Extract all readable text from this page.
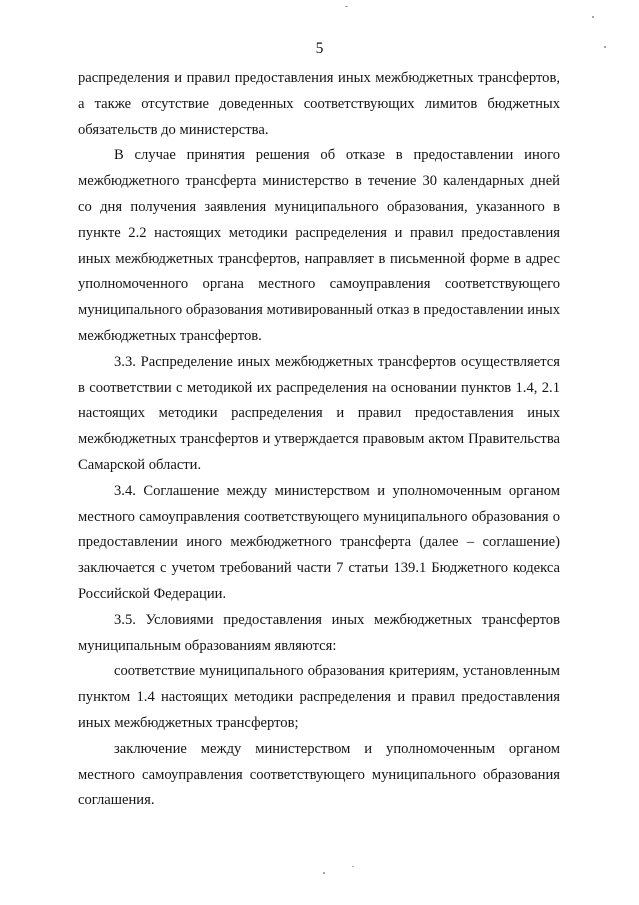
5

распределения и правил предоставления иных межбюджетных трансфертов, а также отсутствие доведенных соответствующих лимитов бюджетных обязательств до министерства.

В случае принятия решения об отказе в предоставлении иного межбюджетного трансферта министерство в течение 30 календарных дней со дня получения заявления муниципального образования, указанного в пункте 2.2 настоящих методики распределения и правил предоставления иных межбюджетных трансфертов, направляет в письменной форме в адрес уполномоченного органа местного самоуправления соответствующего муниципального образования мотивированный отказ в предоставлении иных межбюджетных трансфертов.

3.3. Распределение иных межбюджетных трансфертов осуществляется в соответствии с методикой их распределения на основании пунктов 1.4, 2.1 настоящих методики распределения и правил предоставления иных межбюджетных трансфертов и утверждается правовым актом Правительства Самарской области.

3.4. Соглашение между министерством и уполномоченным органом местного самоуправления соответствующего муниципального образования о предоставлении иного межбюджетного трансферта (далее – соглашение) заключается с учетом требований части 7 статьи 139.1 Бюджетного кодекса Российской Федерации.

3.5. Условиями предоставления иных межбюджетных трансфертов муниципальным образованиям являются:

соответствие муниципального образования критериям, установленным пунктом 1.4 настоящих методики распределения и правил предоставления иных межбюджетных трансфертов;

заключение между министерством и уполномоченным органом местного самоуправления соответствующего муниципального образования соглашения.
